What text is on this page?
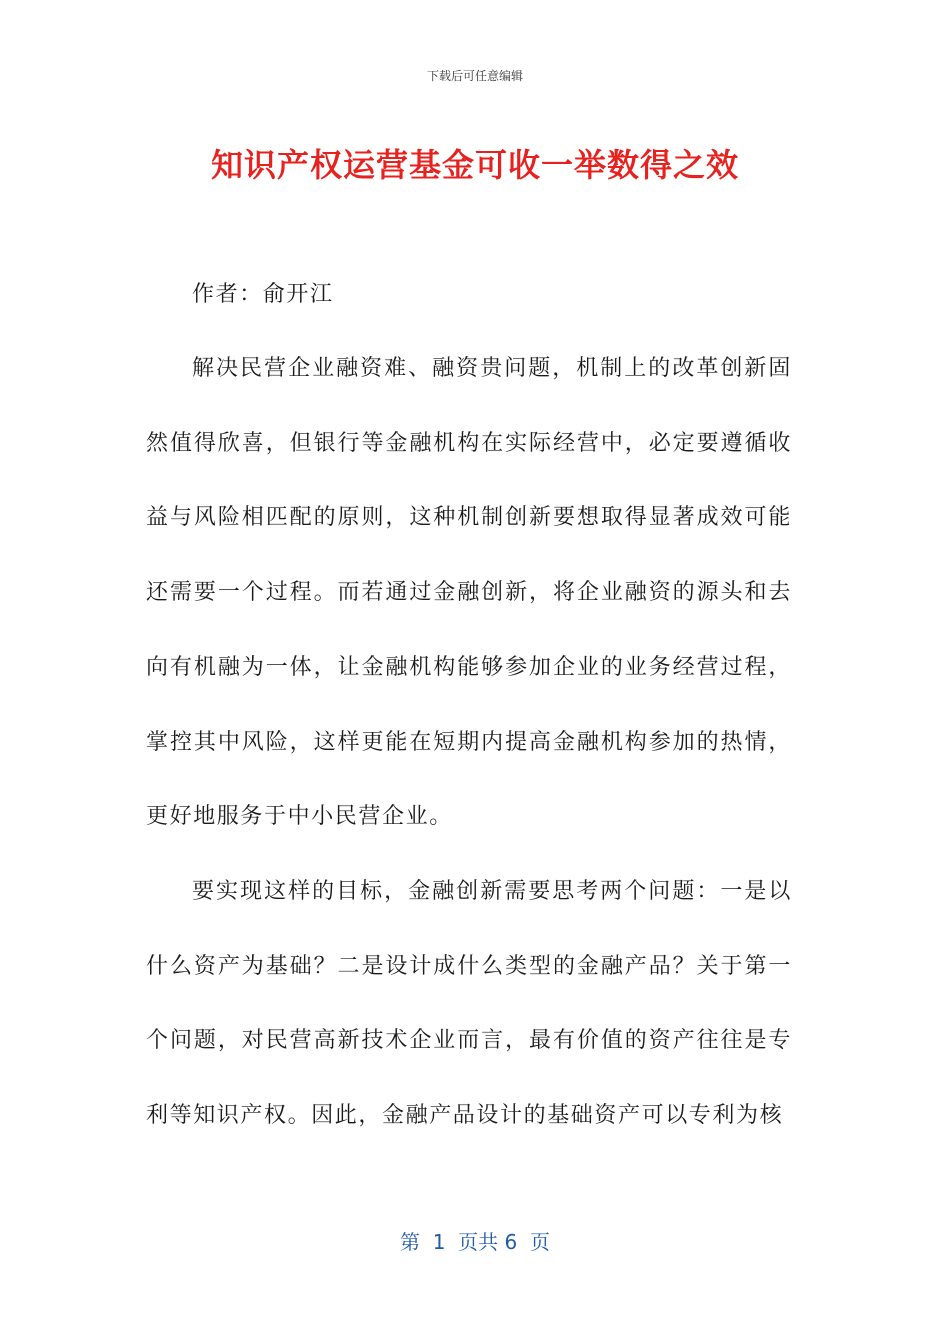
下载后可任意编辑
知识产权运营基金可收一举数得之效

作者：俞开江

解决民营企业融资难、融资贵问题，机制上的改革创新固然值得欣喜，但银行等金融机构在实际经营中，必定要遵循收益与风险相匹配的原则，这种机制创新要想取得显著成效可能还需要一个过程。而若通过金融创新，将企业融资的源头和去向有机融为一体，让金融机构能够参加企业的业务经营过程，掌控其中风险，这样更能在短期内提高金融机构参加的热情，更好地服务于中小民营企业。

要实现这样的目标，金融创新需要思考两个问题：一是以什么资产为基础？二是设计成什么类型的金融产品？关于第一个问题，对民营高新技术企业而言，最有价值的资产往往是专利等知识产权。因此，金融产品设计的基础资产可以专利为核

第  1  页共 6  页
